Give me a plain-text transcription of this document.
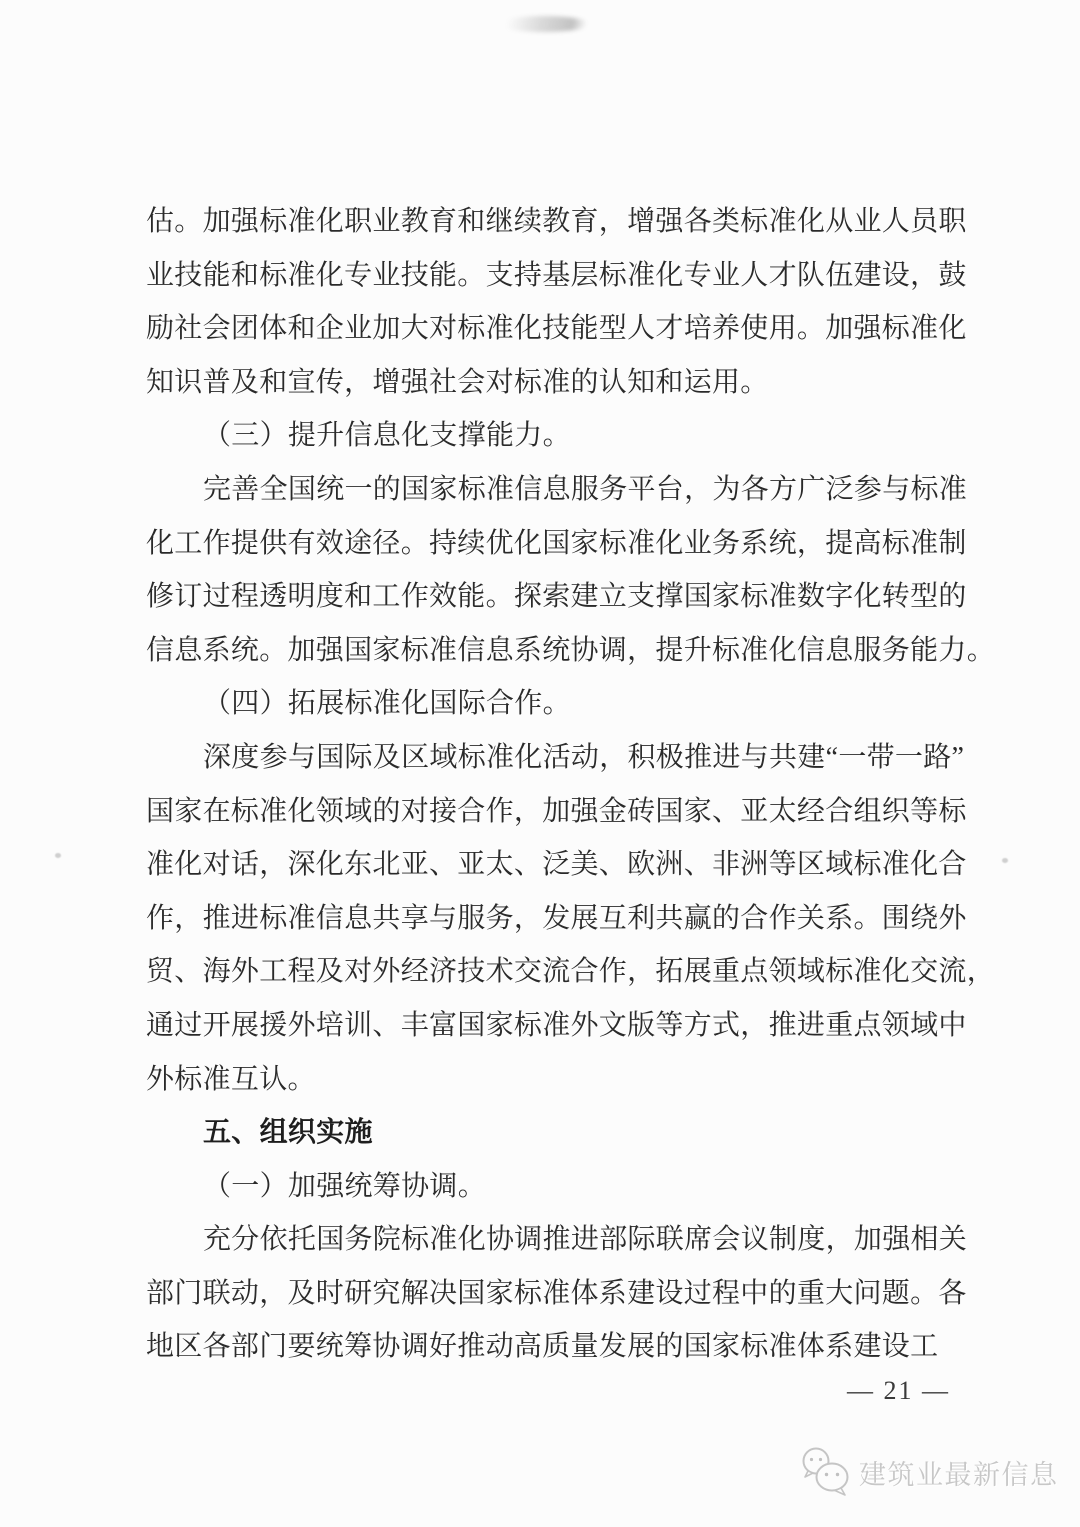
估。加强标准化职业教育和继续教育，增强各类标准化从业人员职
业技能和标准化专业技能。支持基层标准化专业人才队伍建设，鼓
励社会团体和企业加大对标准化技能型人才培养使用。加强标准化
知识普及和宣传，增强社会对标准的认知和运用。
（三）提升信息化支撑能力。
完善全国统一的国家标准信息服务平台，为各方广泛参与标准
化工作提供有效途径。持续优化国家标准化业务系统，提高标准制
修订过程透明度和工作效能。探索建立支撑国家标准数字化转型的
信息系统。加强国家标准信息系统协调，提升标准化信息服务能力。
（四）拓展标准化国际合作。
深度参与国际及区域标准化活动，积极推进与共建“一带一路”
国家在标准化领域的对接合作，加强金砖国家、亚太经合组织等标
准化对话，深化东北亚、亚太、泛美、欧洲、非洲等区域标准化合
作，推进标准信息共享与服务，发展互利共赢的合作关系。围绕外
贸、海外工程及对外经济技术交流合作，拓展重点领域标准化交流，
通过开展援外培训、丰富国家标准外文版等方式，推进重点领域中
外标准互认。
五、组织实施
（一）加强统筹协调。
充分依托国务院标准化协调推进部际联席会议制度，加强相关
部门联动，及时研究解决国家标准体系建设过程中的重大问题。各
地区各部门要统筹协调好推动高质量发展的国家标准体系建设工
— 21 —
建筑业最新信息
